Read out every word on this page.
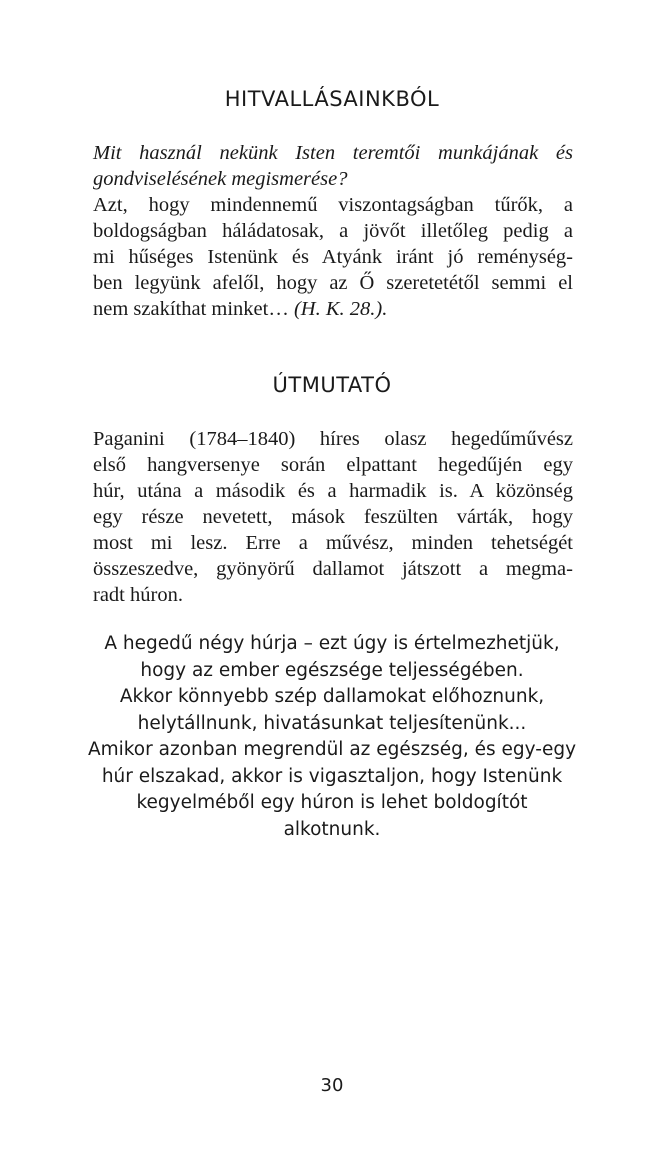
HITVALLÁSAINKBÓL
Mit használ nekünk Isten teremtői munkájának és
gondviselésének megismerése?
Azt, hogy mindennemű viszontagságban tűrők, a
boldogságban háládatosak, a jövőt illetőleg pedig a
mi hűséges Istenünk és Atyánk iránt jó reménység-
ben legyünk afelől, hogy az Ő szeretetétől semmi el
nem szakíthat minket… (H. K. 28.).
ÚTMUTATÓ
Paganini (1784–1840) híres olasz hegedűművész
első hangversenye során elpattant hegedűjén egy
húr, utána a második és a harmadik is. A közönség
egy része nevetett, mások feszülten várták, hogy
most mi lesz. Erre a művész, minden tehetségét
összeszedve, gyönyörű dallamot játszott a megma-
radt húron.
A hegedű négy húrja – ezt úgy is értelmezhetjük,
hogy az ember egészsége teljességében.
Akkor könnyebb szép dallamokat előhoznunk,
helytállnunk, hivatásunkat teljesítenünk...
Amikor azonban megrendül az egészség, és egy-egy
húr elszakad, akkor is vigasztaljon, hogy Istenünk
kegyelméből egy húron is lehet boldogítót
alkotnunk.
30
